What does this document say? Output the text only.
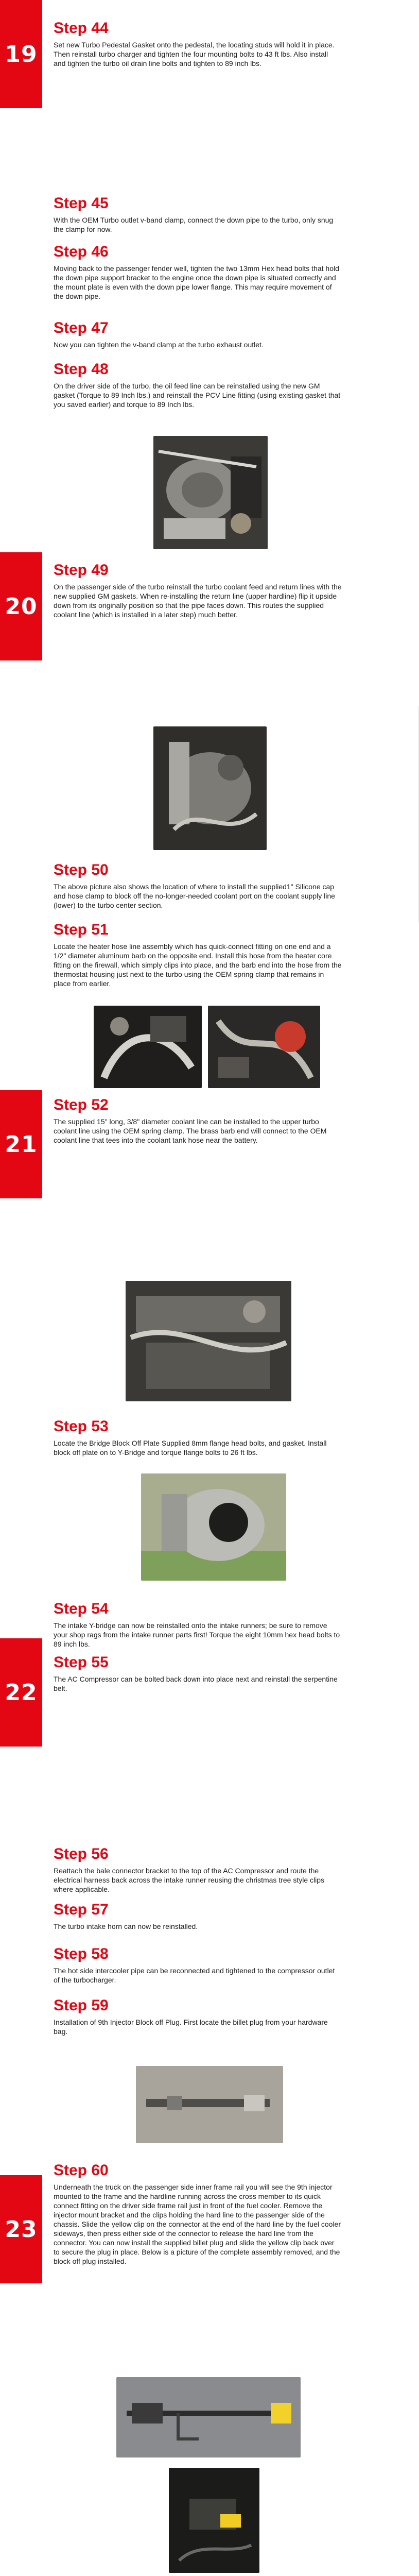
19
20
21
22
23
Step 44

Set new Turbo Pedestal Gasket onto the pedestal, the locating studs will hold it in place. Then reinstall turbo charger and tighten the four mounting bolts to 43 ft lbs. Also install and tighten the turbo oil drain line bolts and tighten to 89 inch lbs.

Step 45

With the OEM Turbo outlet v-band clamp, connect the down pipe to the turbo, only snug the clamp for now.

Step 46

Moving back to the passenger fender well, tighten the two 13mm Hex head bolts that hold the down pipe support bracket to the engine once the down pipe is situated correctly and the mount plate is even with the down pipe lower flange. This may require movement of the down pipe.

Step 47

Now you can tighten the v-band clamp at the turbo exhaust outlet.

Step 48

On the driver side of the turbo, the oil feed line can be reinstalled using the new GM gasket (Torque to 89 Inch lbs.) and reinstall the PCV Line fitting (using existing gasket that you saved earlier) and torque to 89 Inch lbs.

Step 49

On the passenger side of the turbo reinstall the turbo coolant feed and return lines with the new supplied GM gaskets. When re-installing the return line (upper hardline) flip it upside down from its originally position so that the pipe faces down. This routes the supplied coolant line (which is installed in a later step) much better.

Step 50

The above picture also shows the location of where to install the supplied1" Silicone cap and hose clamp to block off the no-longer-needed coolant port on the coolant supply line (lower) to the turbo center section.

Step 51

Locate the heater hose line assembly which has quick-connect fitting on one end and a 1/2" diameter aluminum barb on the opposite end. Install this hose from the heater core fitting on the firewall, which simply clips into place, and the barb end into the hose from the thermostat housing just next to the turbo using the OEM spring clamp that remains in place from earlier.

Step 52

The supplied 15" long, 3/8" diameter coolant line can be installed to the upper turbo coolant line using the OEM spring clamp. The brass barb end will connect to the OEM coolant line that tees into the coolant tank hose near the battery.

Step 53

Locate the Bridge Block Off Plate Supplied 8mm flange head bolts, and gasket. Install block off plate on to Y-Bridge and torque flange bolts to 26 ft lbs.

Step 54

The intake Y-bridge can now be reinstalled onto the intake runners; be sure to remove your shop rags from the intake runner parts first! Torque the eight 10mm hex head bolts to 89 inch lbs.

Step 55

The AC Compressor can be bolted back down into place next and reinstall the serpentine belt.

Step 56

Reattach the bale connector bracket to the top of the AC Compressor and route the electrical harness back across the intake runner reusing the christmas tree style clips where applicable.

Step 57

The turbo intake horn can now be reinstalled.

Step 58

The hot side intercooler pipe can be reconnected and tightened to the compressor outlet of the turbocharger.

Step 59

Installation of 9th Injector Block off Plug. First locate the billet plug from your hardware bag.

Step 60

Underneath the truck on the passenger side inner frame rail you will see the 9th injector mounted to the frame and the hardline running across the cross member to its quick connect fitting on the driver side frame rail just in front of the fuel cooler. Remove the injector mount bracket and the clips holding the hard line to the passenger side of the chassis. Slide the yellow clip on the connector at the end of the hard line by the fuel cooler sideways, then press either side of the connector to release the hard line from the connector. You can now install the supplied billet plug and slide the yellow clip back over to secure the plug in place. Below is a picture of the complete assembly removed, and the block off plug installed.
